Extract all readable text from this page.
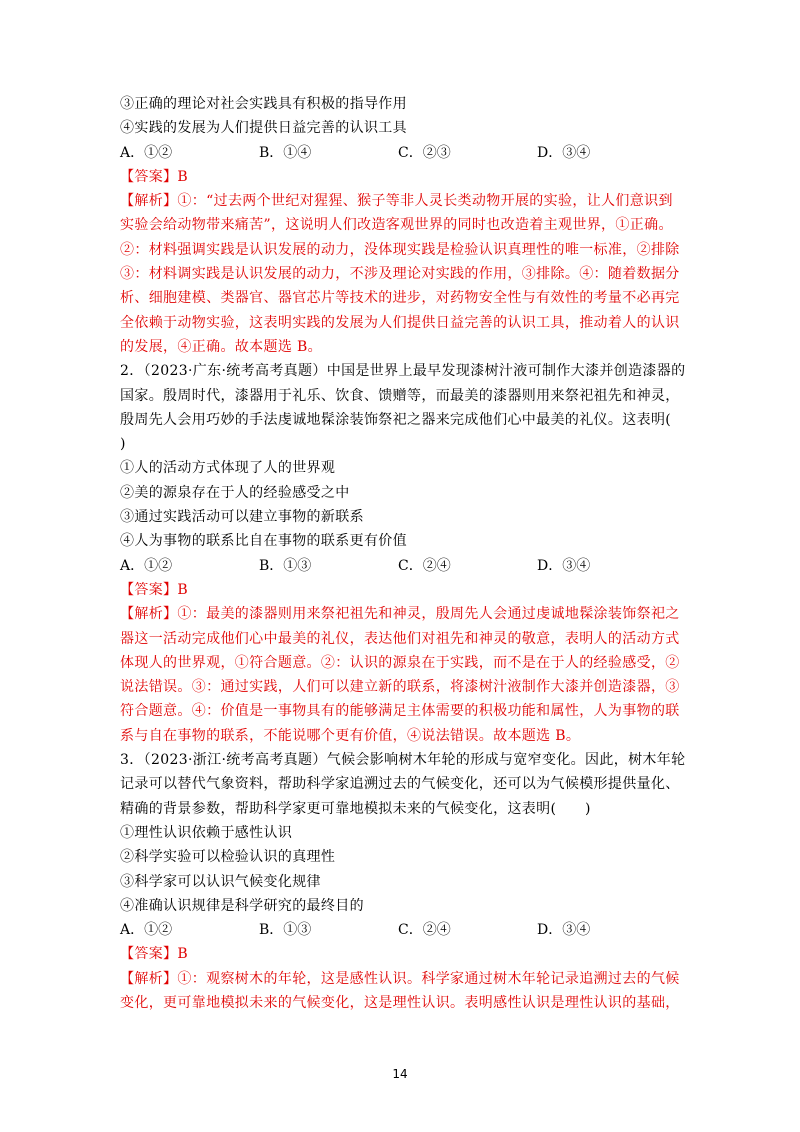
③正确的理论对社会实践具有积极的指导作用
④实践的发展为人们提供日益完善的认识工具
A．①②	B．①④	C．②③	D．③④
【答案】B
【解析】①：“过去两个世纪对猩猩、猴子等非人灵长类动物开展的实验，让人们意识到
实验会给动物带来痛苦”，这说明人们改造客观世界的同时也改造着主观世界，①正确。
②：材料强调实践是认识发展的动力，没体现实践是检验认识真理性的唯一标准，②排除
③：材料调实践是认识发展的动力，不涉及理论对实践的作用，③排除。④：随着数据分
析、细胞建模、类器官、器官芯片等技术的进步，对药物安全性与有效性的考量不必再完
全依赖于动物实验，这表明实践的发展为人们提供日益完善的认识工具，推动着人的认识
的发展，④正确。故本题选 B。
2．（2023·广东·统考高考真题）中国是世界上最早发现漆树汁液可制作大漆并创造漆器的
国家。殷周时代，漆器用于礼乐、饮食、馈赠等，而最美的漆器则用来祭祀祖先和神灵，
殷周先人会用巧妙的手法虔诚地髹涂装饰祭祀之器来完成他们心中最美的礼仪。这表明(
)
①人的活动方式体现了人的世界观
②美的源泉存在于人的经验感受之中
③通过实践活动可以建立事物的新联系
④人为事物的联系比自在事物的联系更有价值
A．①②	B．①③	C．②④	D．③④
【答案】B
【解析】①：最美的漆器则用来祭祀祖先和神灵，殷周先人会通过虔诚地髹涂装饰祭祀之
器这一活动完成他们心中最美的礼仪，表达他们对祖先和神灵的敬意，表明人的活动方式
体现人的世界观，①符合题意。②：认识的源泉在于实践，而不是在于人的经验感受，②
说法错误。③：通过实践，人们可以建立新的联系，将漆树汁液制作大漆并创造漆器，③
符合题意。④：价值是一事物具有的能够满足主体需要的积极功能和属性，人为事物的联
系与自在事物的联系，不能说哪个更有价值，④说法错误。故本题选 B。
3．（2023·浙江·统考高考真题）气候会影响树木年轮的形成与宽窄变化。因此，树木年轮
记录可以替代气象资料，帮助科学家追溯过去的气候变化，还可以为气候模形提供量化、
精确的背景参数，帮助科学家更可靠地模拟未来的气候变化，这表明(　　)
①理性认识依赖于感性认识
②科学实验可以检验认识的真理性
③科学家可以认识气候变化规律
④准确认识规律是科学研究的最终目的
A．①②	B．①③	C．②④	D．③④
【答案】B
【解析】①：观察树木的年轮，这是感性认识。科学家通过树木年轮记录追溯过去的气候
变化，更可靠地模拟未来的气候变化，这是理性认识。表明感性认识是理性认识的基础，
14
